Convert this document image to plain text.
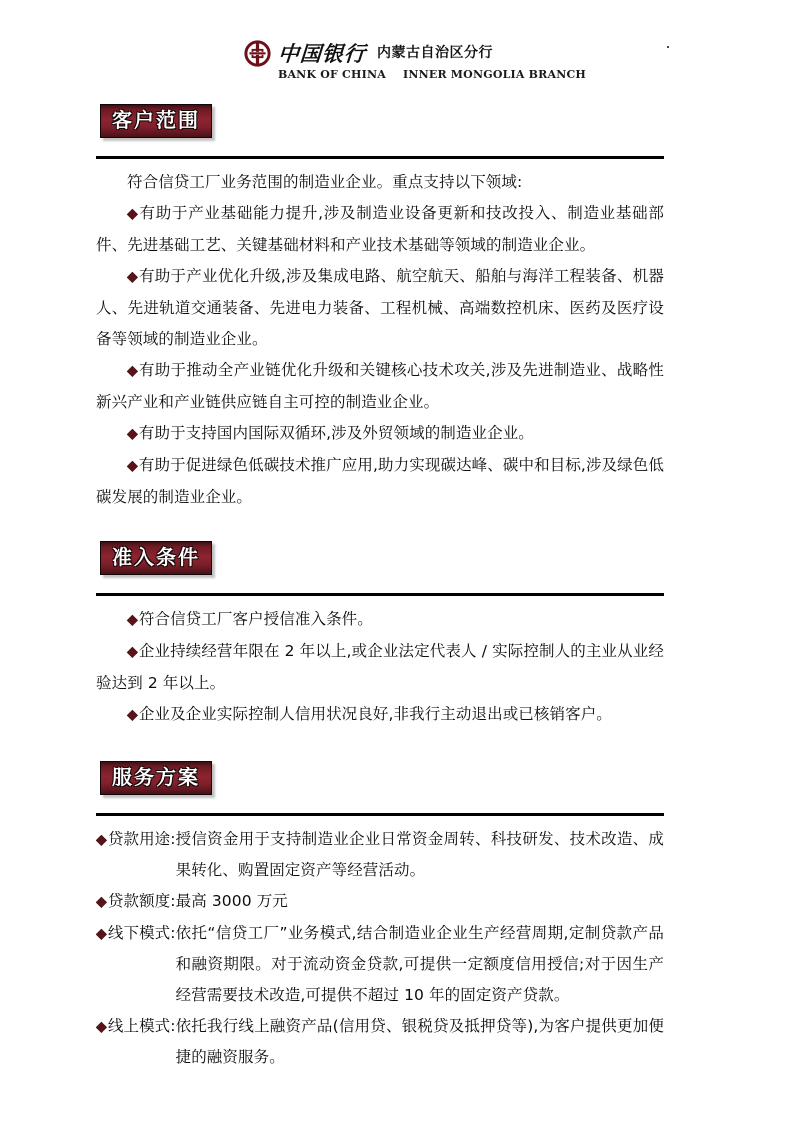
中国银行 内蒙古自治区分行
BANK OF CHINA INNER MONGOLIA BRANCH
客户范围

符合信贷工厂业务范围的制造业企业。重点支持以下领域:

◆有助于产业基础能力提升,涉及制造业设备更新和技改投入、制造业基础部件、先进基础工艺、关键基础材料和产业技术基础等领域的制造业企业。

◆有助于产业优化升级,涉及集成电路、航空航天、船舶与海洋工程装备、机器人、先进轨道交通装备、先进电力装备、工程机械、高端数控机床、医药及医疗设备等领域的制造业企业。

◆有助于推动全产业链优化升级和关键核心技术攻关,涉及先进制造业、战略性新兴产业和产业链供应链自主可控的制造业企业。

◆有助于支持国内国际双循环,涉及外贸领域的制造业企业。

◆有助于促进绿色低碳技术推广应用,助力实现碳达峰、碳中和目标,涉及绿色低碳发展的制造业企业。

准入条件

◆符合信贷工厂客户授信准入条件。

◆企业持续经营年限在 2 年以上,或企业法定代表人 / 实际控制人的主业从业经验达到 2 年以上。

◆企业及企业实际控制人信用状况良好,非我行主动退出或已核销客户。

服务方案
◆贷款用途: 授信资金用于支持制造业企业日常资金周转、科技研发、技术改造、成果转化、购置固定资产等经营活动。
◆贷款额度: 最高 3000 万元
◆线下模式: 依托“信贷工厂”业务模式,结合制造业企业生产经营周期,定制贷款产品和融资期限。对于流动资金贷款,可提供一定额度信用授信;对于因生产经营需要技术改造,可提供不超过 10 年的固定资产贷款。
◆线上模式: 依托我行线上融资产品(信用贷、银税贷及抵押贷等),为客户提供更加便捷的融资服务。
